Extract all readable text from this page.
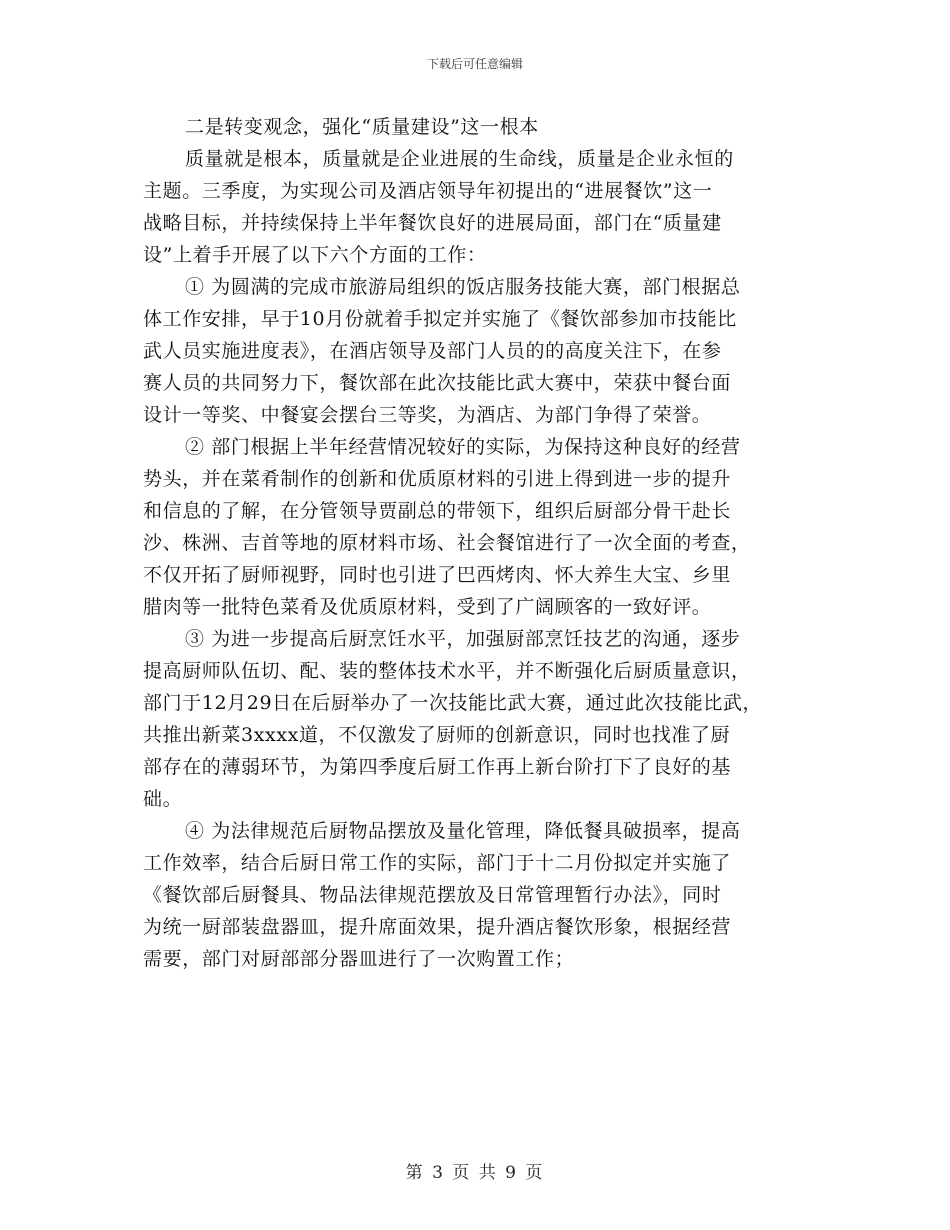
下载后可任意编辑
二是转变观念，强化“质量建设”这一根本
质量就是根本，质量就是企业进展的生命线，质量是企业永恒的
主题。三季度，为实现公司及酒店领导年初提出的“进展餐饮”这一
战略目标，并持续保持上半年餐饮良好的进展局面，部门在“质量建
设”上着手开展了以下六个方面的工作：
① 为圆满的完成市旅游局组织的饭店服务技能大赛，部门根据总
体工作安排，早于10月份就着手拟定并实施了《餐饮部参加市技能比
武人员实施进度表》，在酒店领导及部门人员的的高度关注下，在参
赛人员的共同努力下，餐饮部在此次技能比武大赛中，荣获中餐台面
设计一等奖、中餐宴会摆台三等奖，为酒店、为部门争得了荣誉。
② 部门根据上半年经营情况较好的实际，为保持这种良好的经营
势头，并在菜肴制作的创新和优质原材料的引进上得到进一步的提升
和信息的了解，在分管领导贾副总的带领下，组织后厨部分骨干赴长
沙、株洲、吉首等地的原材料市场、社会餐馆进行了一次全面的考查，
不仅开拓了厨师视野，同时也引进了巴西烤肉、怀大养生大宝、乡里
腊肉等一批特色菜肴及优质原材料，受到了广阔顾客的一致好评。
③ 为进一步提高后厨烹饪水平，加强厨部烹饪技艺的沟通，逐步
提高厨师队伍切、配、装的整体技术水平，并不断强化后厨质量意识，
部门于12月29日在后厨举办了一次技能比武大赛，通过此次技能比武，
共推出新菜3xxxx道，不仅激发了厨师的创新意识，同时也找准了厨
部存在的薄弱环节，为第四季度后厨工作再上新台阶打下了良好的基
础。
④ 为法律规范后厨物品摆放及量化管理，降低餐具破损率，提高
工作效率，结合后厨日常工作的实际，部门于十二月份拟定并实施了
《餐饮部后厨餐具、物品法律规范摆放及日常管理暂行办法》，同时
为统一厨部装盘器皿，提升席面效果，提升酒店餐饮形象，根据经营
需要，部门对厨部部分器皿进行了一次购置工作；
第 3 页 共 9 页
